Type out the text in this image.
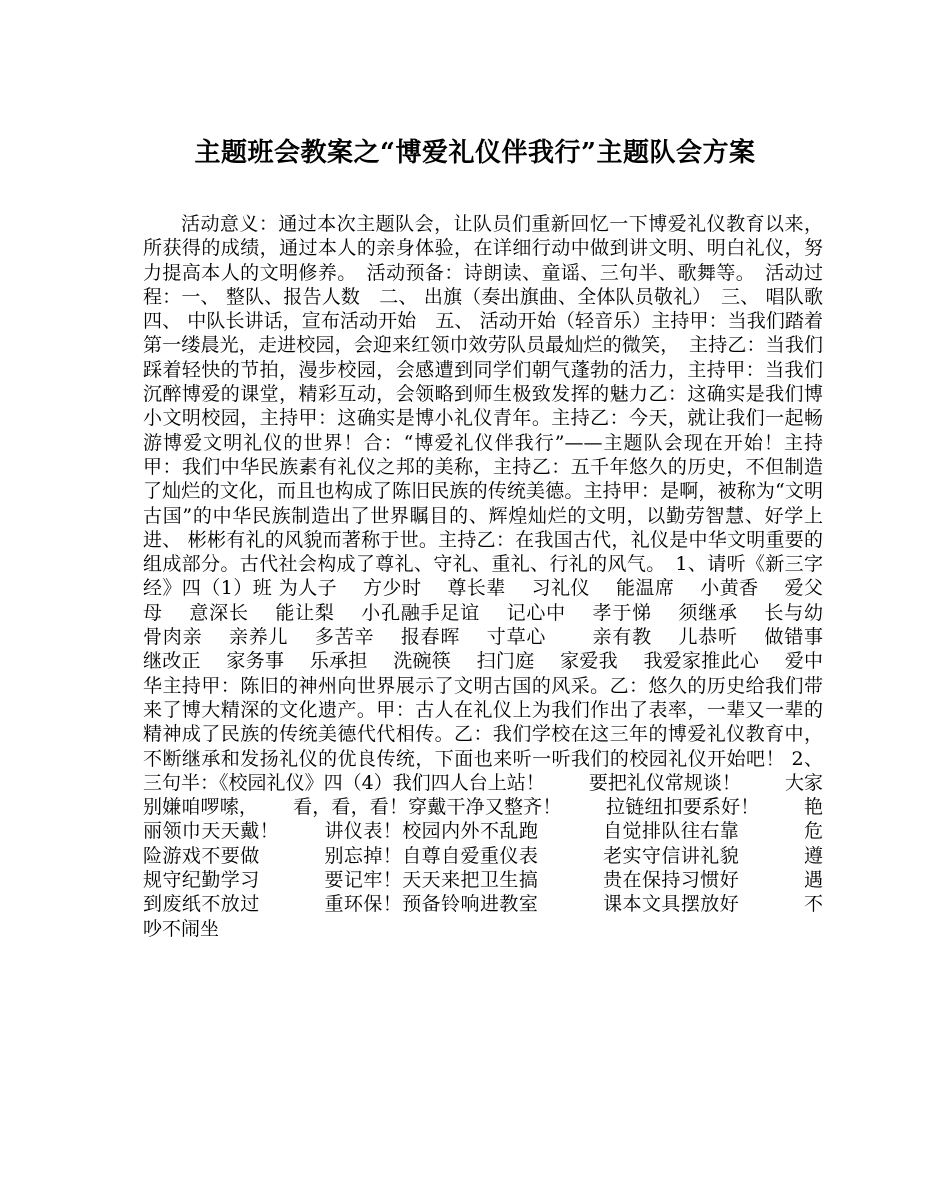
主题班会教案之“博爱礼仪伴我行”主题队会方案

活动意义：通过本次主题队会，让队员们重新回忆一下博爱礼仪教育以来，所获得的成绩，通过本人的亲身体验，在详细行动中做到讲文明、明白礼仪，努力提高本人的文明修养。　活动预备：诗朗读、童谣、三句半、歌舞等。　活动过程：一、 整队、报告人数　二、 出旗（奏出旗曲、全体队员敬礼）　三、 唱队歌　四、 中队长讲话，宣布活动开始　五、 活动开始（轻音乐）主持甲：当我们踏着第一缕晨光，走进校园，会迎来红领巾效劳队员最灿烂的微笑，　主持乙：当我们踩着轻快的节拍，漫步校园，会感遭到同学们朝气蓬勃的活力，主持甲：当我们沉醉博爱的课堂，精彩互动，会领略到师生极致发挥的魅力乙：这确实是我们博小文明校园，主持甲：这确实是博小礼仪青年。主持乙：今天，就让我们一起畅游博爱文明礼仪的世界！合：“博爱礼仪伴我行”——主题队会现在开始！主持甲：我们中华民族素有礼仪之邦的美称，主持乙：五千年悠久的历史，不但制造了灿烂的文化，而且也构成了陈旧民族的传统美德。主持甲：是啊，被称为“文明古国”的中华民族制造出了世界瞩目的、辉煌灿烂的文明，以勤劳智慧、好学上进、 彬彬有礼的风貌而著称于世。主持乙：在我国古代，礼仪是中华文明重要的组成部分。古代社会构成了尊礼、守礼、重礼、行礼的风气。　1、请听《新三字经》四（1）班 为人子　 方少时　 尊长辈　 习礼仪　 能温席　 小黄香　 爱父母　 意深长　 能让梨　 小孔融手足谊　 记心中　 孝于悌　 须继承　 长与幼　 骨肉亲　 亲养儿　 多苦辛　 报春晖　 寸草心　　 亲有教　 儿恭听　 做错事　 继改正　 家务事　 乐承担　 洗碗筷　 扫门庭　 家爱我　 我爱家推此心　 爱中华主持甲：陈旧的神州向世界展示了文明古国的风采。乙：悠久的历史给我们带来了博大精深的文化遗产。甲：古人在礼仪上为我们作出了表率，一辈又一辈的精神成了民族的传统美德代代相传。乙：我们学校在这三年的博爱礼仪教育中，不断继承和发扬礼仪的优良传统，下面也来听一听我们的校园礼仪开始吧！ 2、三句半：《校园礼仪》四（4）我们四人台上站！　　 要把礼仪常规谈！　　 大家别嫌咱啰嗦，　　 看，看，看！穿戴干净又整齐！　　 拉链纽扣要系好！　　 艳丽领巾天天戴！　　 讲仪表！校园内外不乱跑　　　 自觉排队往右靠　　　 危险游戏不要做　　　 别忘掉！自尊自爱重仪表　　　 老实守信讲礼貌　　　 遵规守纪勤学习　　　 要记牢！天天来把卫生搞　　　 贵在保持习惯好　　　 遇到废纸不放过　　　 重环保！预备铃响进教室　　　 课本文具摆放好　　　 不吵不闹坐
